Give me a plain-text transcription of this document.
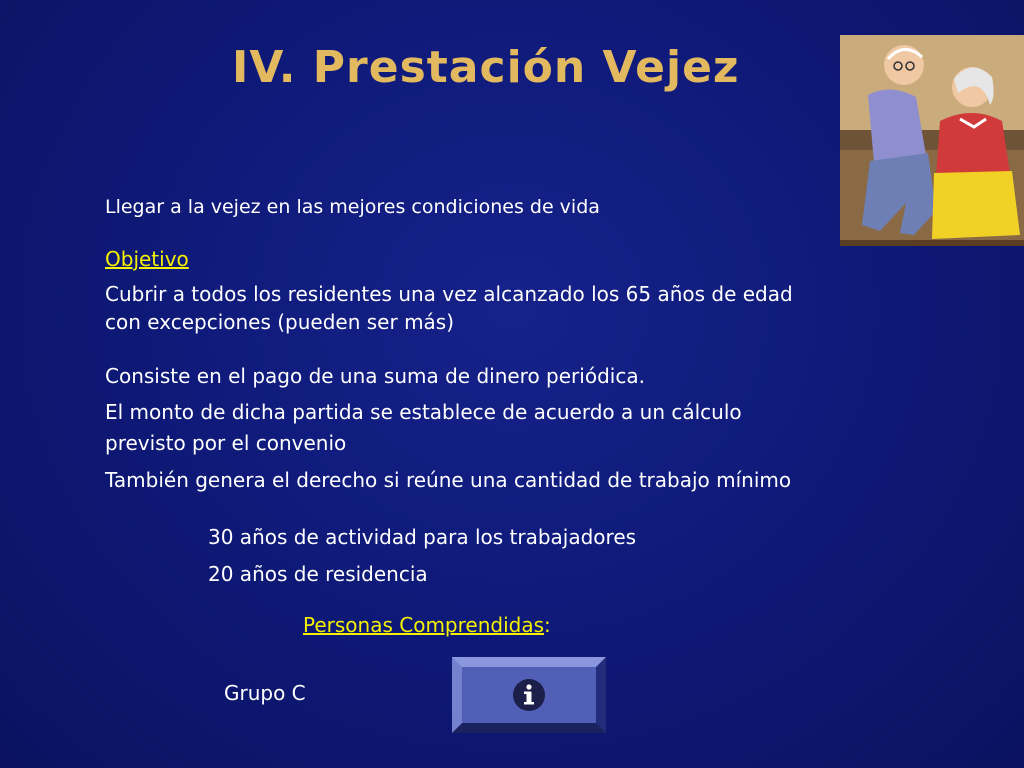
IV. Prestación Vejez
Llegar a la vejez en las mejores condiciones de vida
Objetivo
Cubrir a todos los residentes una vez alcanzado los 65 años de edad
con excepciones (pueden ser más)
Consiste en el pago de una suma de dinero periódica.
El monto de dicha partida se establece de acuerdo a un cálculo
previsto por el convenio
También genera el derecho si reúne una cantidad de trabajo mínimo
30 años de actividad para los trabajadores
20 años de residencia
Personas Comprendidas:
Grupo C
